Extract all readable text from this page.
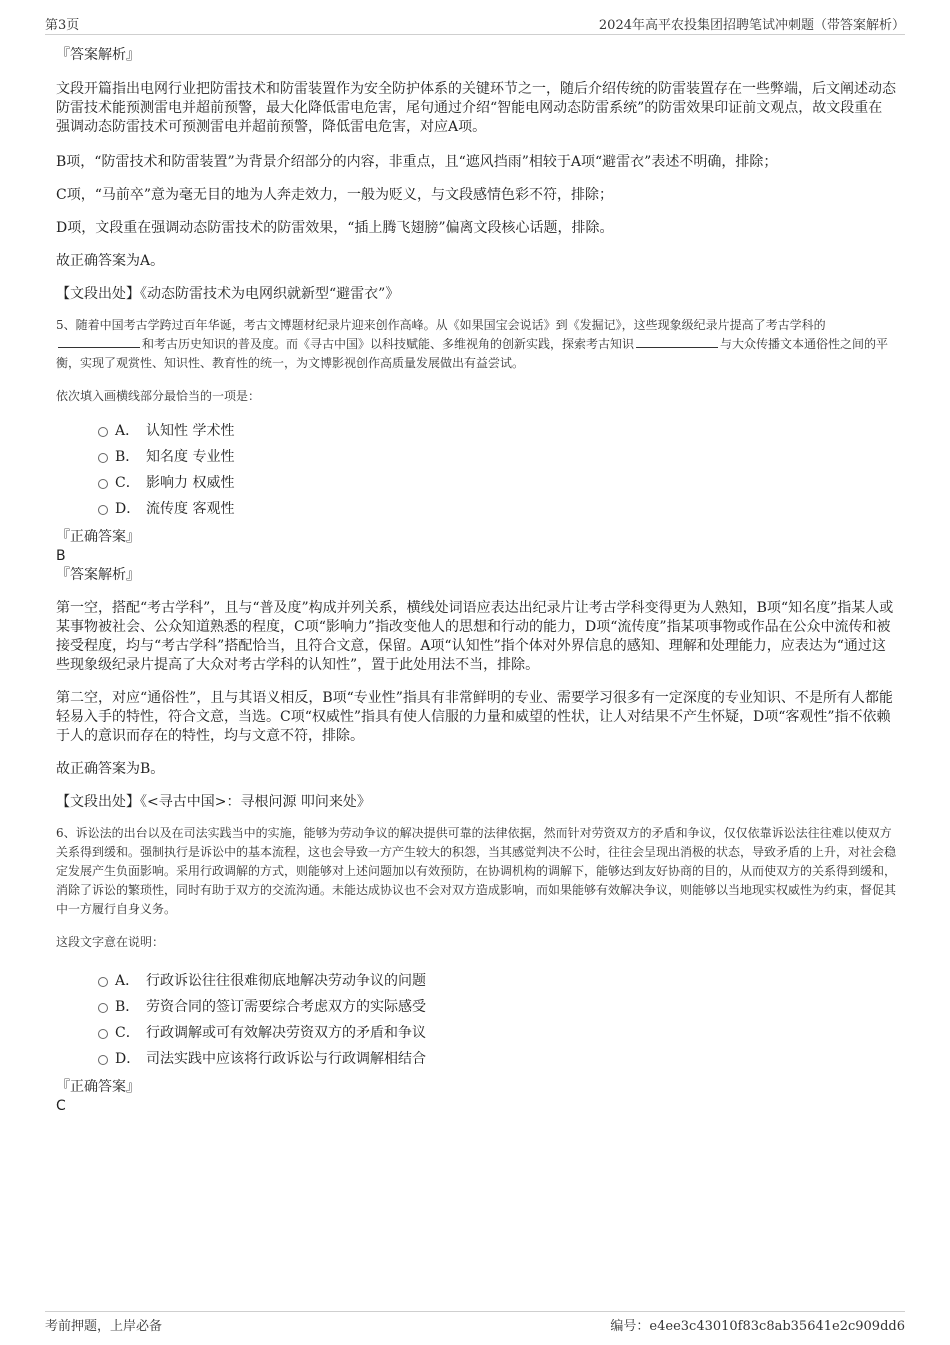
第3页	2024年高平农投集团招聘笔试冲刺题（带答案解析）

『答案解析』

文段开篇指出电网行业把防雷技术和防雷装置作为安全防护体系的关键环节之一，随后介绍传统的防雷装置存在一些弊端，后文阐述动态防雷技术能预测雷电并超前预警，最大化降低雷电危害，尾句通过介绍“智能电网动态防雷系统”的防雷效果印证前文观点，故文段重在强调动态防雷技术可预测雷电并超前预警，降低雷电危害，对应A项。

B项，“防雷技术和防雷装置”为背景介绍部分的内容，非重点，且“遮风挡雨”相较于A项“避雷衣”表述不明确，排除；

C项，“马前卒”意为毫无目的地为人奔走效力，一般为贬义，与文段感情色彩不符，排除；

D项，文段重在强调动态防雷技术的防雷效果，“插上腾飞翅膀”偏离文段核心话题，排除。

故正确答案为A。

【文段出处】《动态防雷技术为电网织就新型“避雷衣”》

5、随着中国考古学跨过百年华诞，考古文博题材纪录片迎来创作高峰。从《如果国宝会说话》到《发掘记》，这些现象级纪录片提高了考古学科的和考古历史知识的普及度。而《寻古中国》以科技赋能、多维视角的创新实践，探索考古知识	与大众传播文本通俗性之间的平衡，实现了观赏性、知识性、教育性的统一，为文博影视创作高质量发展做出有益尝试。

依次填入画横线部分最恰当的一项是：

A． 认知性 学术性
B． 知名度 专业性
C． 影响力 权威性
D． 流传度 客观性

『正确答案』

B

『答案解析』

第一空，搭配“考古学科”，且与“普及度”构成并列关系，横线处词语应表达出纪录片让考古学科变得更为人熟知，B项“知名度”指某人或某事物被社会、公众知道熟悉的程度，C项“影响力”指改变他人的思想和行动的能力，D项“流传度”指某项事物或作品在公众中流传和被接受程度，均与“考古学科”搭配恰当，且符合文意，保留。A项“认知性”指个体对外界信息的感知、理解和处理能力，应表达为“通过这些现象级纪录片提高了大众对考古学科的认知性”，置于此处用法不当，排除。

第二空，对应“通俗性”，且与其语义相反，B项“专业性”指具有非常鲜明的专业、需要学习很多有一定深度的专业知识、不是所有人都能轻易入手的特性，符合文意，当选。C项“权威性”指具有使人信服的力量和威望的性状，让人对结果不产生怀疑，D项“客观性”指不依赖于人的意识而存在的特性，均与文意不符，排除。

故正确答案为B。

【文段出处】《<寻古中国>：寻根问源 叩问来处》

6、诉讼法的出台以及在司法实践当中的实施，能够为劳动争议的解决提供可靠的法律依据，然而针对劳资双方的矛盾和争议，仅仅依靠诉讼法往往难以使双方关系得到缓和。强制执行是诉讼中的基本流程，这也会导致一方产生较大的积怨，当其感觉判决不公时，往往会呈现出消极的状态，导致矛盾的上升，对社会稳定发展产生负面影响。采用行政调解的方式，则能够对上述问题加以有效预防，在协调机构的调解下，能够达到友好协商的目的，从而使双方的关系得到缓和，消除了诉讼的繁琐性，同时有助于双方的交流沟通。未能达成协议也不会对双方造成影响，而如果能够有效解决争议，则能够以当地现实权威性为约束，督促其中一方履行自身义务。

这段文字意在说明：

A． 行政诉讼往往很难彻底地解决劳动争议的问题
B． 劳资合同的签订需要综合考虑双方的实际感受
C． 行政调解或可有效解决劳资双方的矛盾和争议
D． 司法实践中应该将行政诉讼与行政调解相结合

『正确答案』

C

考前押题，上岸必备	编号：e4ee3c43010f83c8ab35641e2c909dd6
